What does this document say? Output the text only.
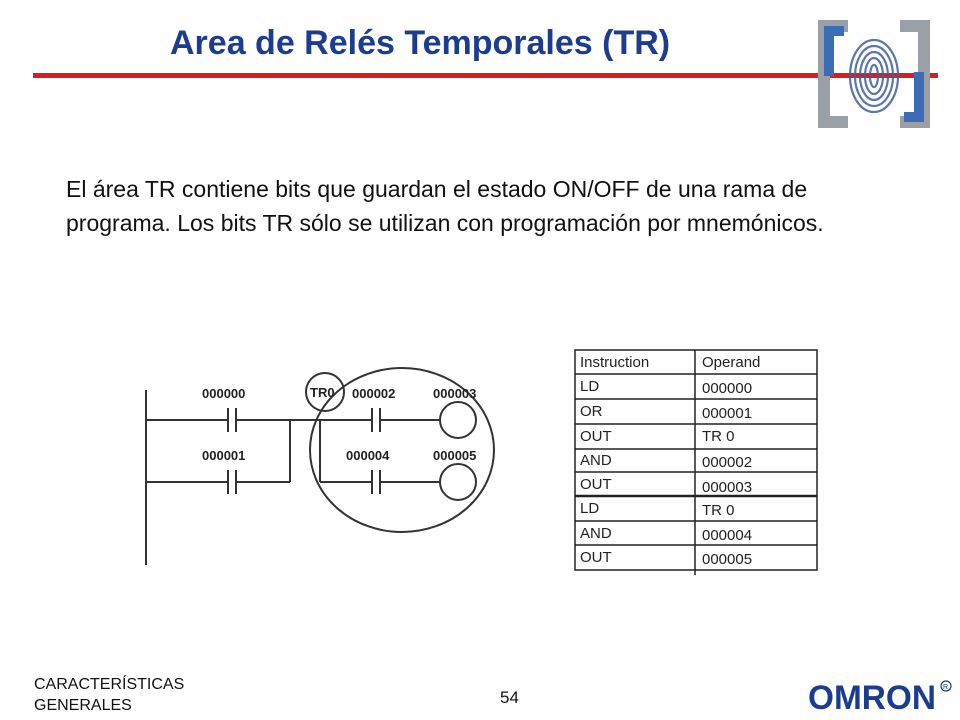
Area de Relés Temporales (TR)
El área TR contiene bits que guardan el estado ON/OFF de una rama de programa. Los bits TR sólo se utilizan con programación por mnemónicos.
000000
000001
TR0 000002	000003
000004	000005
Instruction	Operand
LD	000000
OR	000001
OUT	TR 0
AND	000002
OUT	000003
LD	TR 0
AND	000004
OUT	000005
CARACTERÍSTICAS
GENERALES	54	OMRON R
